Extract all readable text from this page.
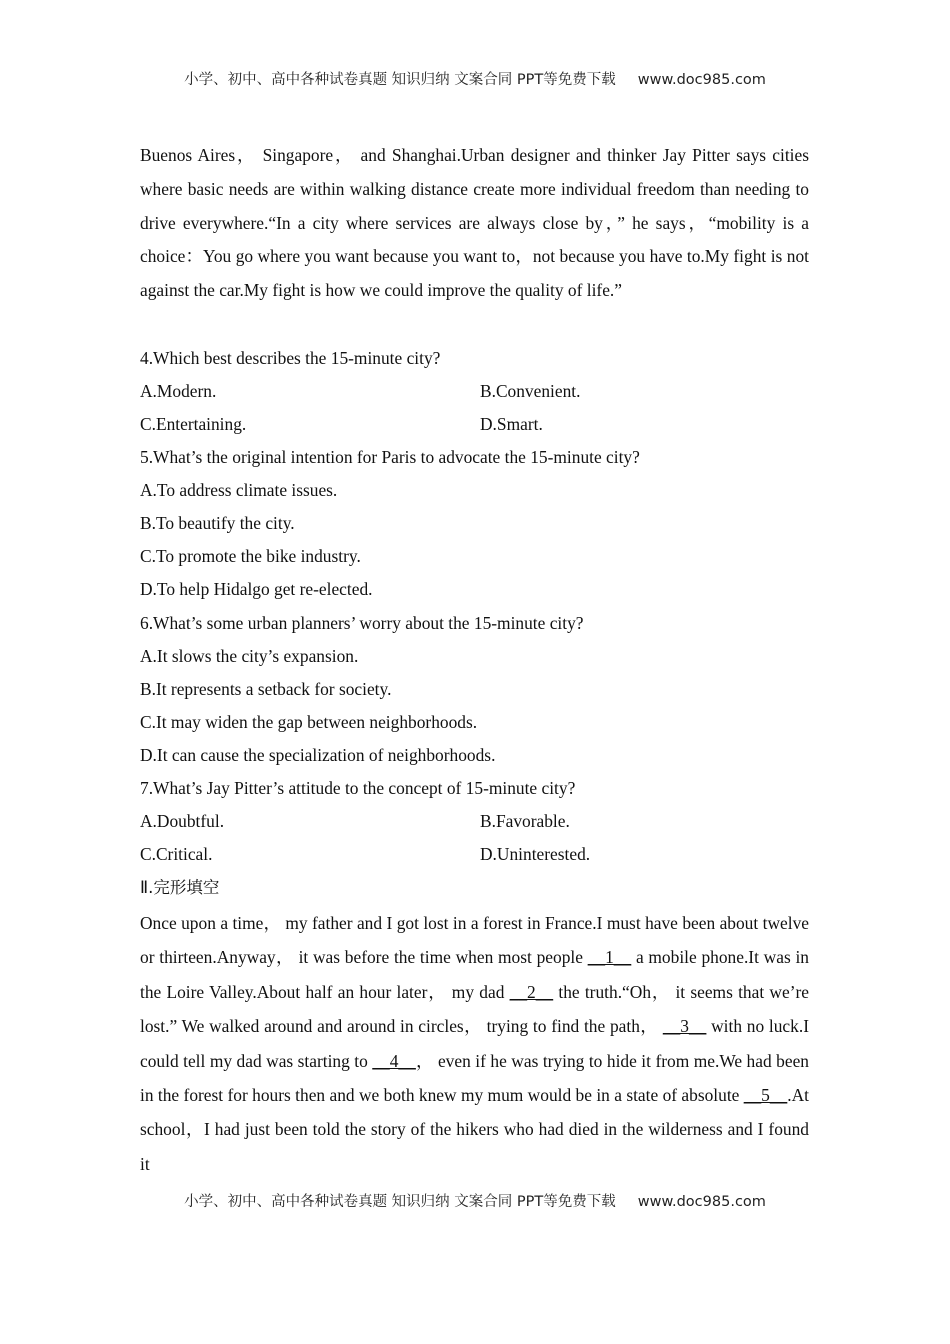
小学、初中、高中各种试卷真题 知识归纳 文案合同 PPT等免费下载 www.doc985.com
Buenos Aires， Singapore， and Shanghai.Urban designer and thinker Jay Pitter says cities where basic needs are within walking distance create more individual freedom than needing to drive everywhere.“In a city where services are always close by，” he says，“mobility is a choice：You go where you want because you want to，not because you have to.My fight is not against the car.My fight is how we could improve the quality of life.”
4.Which best describes the 15-minute city?
A.Modern.	B.Convenient.
C.Entertaining.	D.Smart.
5.What’s the original intention for Paris to advocate the 15-minute city?
A.To address climate issues.
B.To beautify the city.
C.To promote the bike industry.
D.To help Hidalgo get re-elected.
6.What’s some urban planners’ worry about the 15-minute city?
A.It slows the city’s expansion.
B.It represents a setback for society.
C.It may widen the gap between neighborhoods.
D.It can cause the specialization of neighborhoods.
7.What’s Jay Pitter’s attitude to the concept of 15-minute city?
A.Doubtful.	B.Favorable.
C.Critical.	D.Uninterested.
Ⅱ.完形填空
Once upon a time， my father and I got lost in a forest in France.I must have been about twelve or thirteen.Anyway， it was before the time when most people __1__ a mobile phone.It was in the Loire Valley.About half an hour later， my dad __2__ the truth.“Oh， it seems that we’re lost.” We walked around and around in circles， trying to find the path， __3__ with no luck.I could tell my dad was starting to __4__， even if he was trying to hide it from me.We had been in the forest for hours then and we both knew my mum would be in a state of absolute __5__.At school，I had just been told the story of the hikers who had died in the wilderness and I found it
小学、初中、高中各种试卷真题 知识归纳 文案合同 PPT等免费下载 www.doc985.com
